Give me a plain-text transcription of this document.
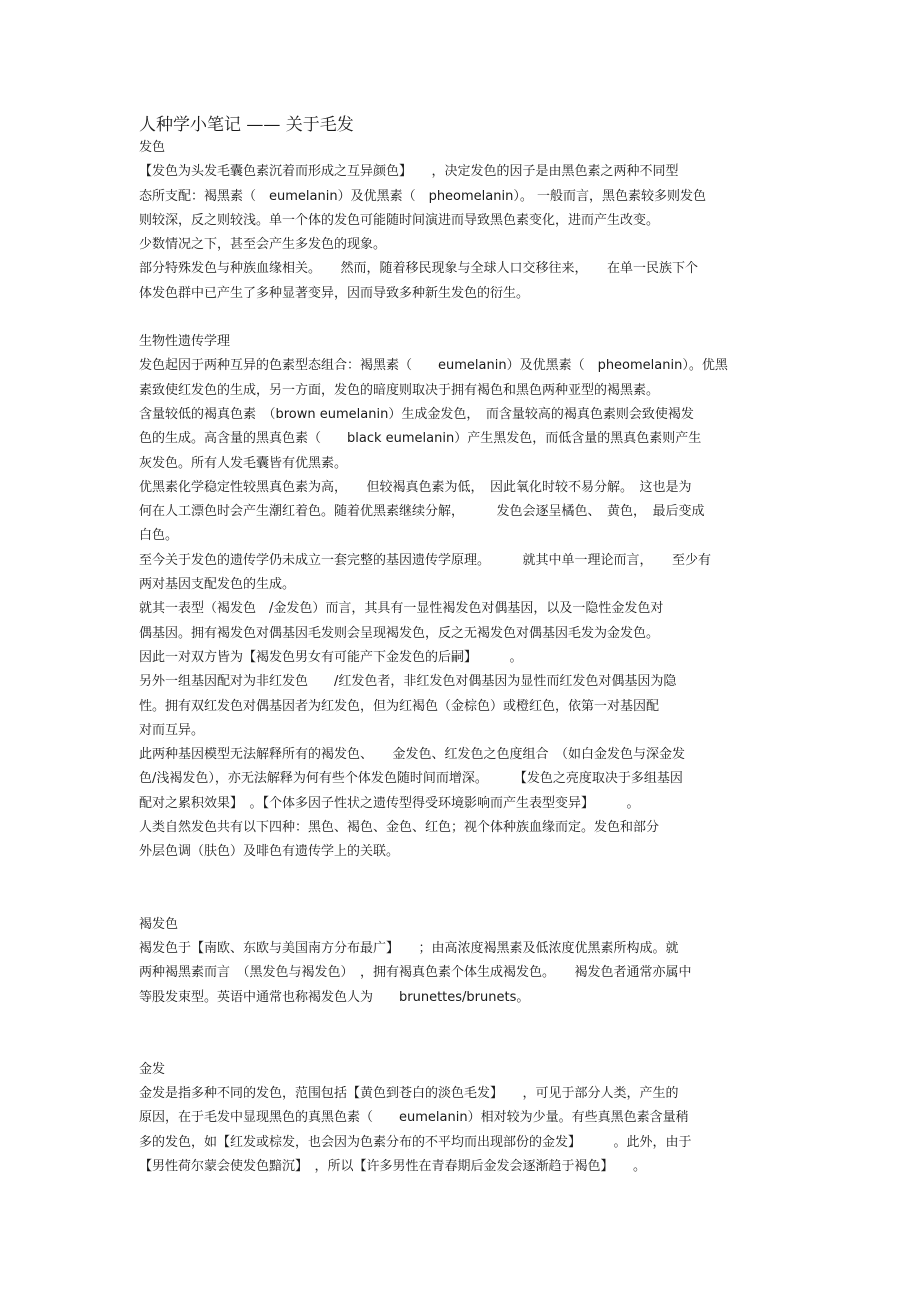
人种学小笔记 —— 关于毛发

发色

【发色为头发毛囊色素沉着而形成之互异颜色】　　，决定发色的因子是由黑色素之两种不同型

态所支配：褐黑素（　eumelanin）及优黑素（　pheomelanin）。 一般而言，黑色素较多则发色

则较深，反之则较浅。单一个体的发色可能随时间演进而导致黑色素变化，进而产生改变。

少数情况之下，甚至会产生多发色的现象。

部分特殊发色与种族血缘相关。　　然而，随着移民现象与全球人口交移往来，　　在单一民族下个

体发色群中已产生了多种显著变异，因而导致多种新生发色的衍生。

生物性遗传学理

发色起因于两种互异的色素型态组合：褐黑素（　　eumelanin）及优黑素（　pheomelanin）。优黑

素致使红发色的生成，另一方面，发色的暗度则取决于拥有褐色和黑色两种亚型的褐黑素。

含量较低的褐真色素　（brown eumelanin）生成金发色，　而含量较高的褐真色素则会致使褐发

色的生成。高含量的黑真色素（　　black eumelanin）产生黑发色，而低含量的黑真色素则产生

灰发色。所有人发毛囊皆有优黑素。

优黑素化学稳定性较黑真色素为高，　　但较褐真色素为低，　因此氧化时较不易分解。　这也是为

何在人工漂色时会产生潮红着色。随着优黑素继续分解，　　　发色会逐呈橘色、　黄色，　最后变成

白色。

至今关于发色的遗传学仍未成立一套完整的基因遗传学原理。　　　就其中单一理论而言，　　至少有

两对基因支配发色的生成。

就其一表型（褐发色　/金发色）而言，其具有一显性褐发色对偶基因，以及一隐性金发色对

偶基因。拥有褐发色对偶基因毛发则会呈现褐发色，反之无褐发色对偶基因毛发为金发色。

因此一对双方皆为【褐发色男女有可能产下金发色的后嗣】　　　。

另外一组基因配对为非红发色　　/红发色者，非红发色对偶基因为显性而红发色对偶基因为隐

性。拥有双红发色对偶基因者为红发色，但为红褐色（金棕色）或橙红色，依第一对基因配

对而互异。

此两种基因模型无法解释所有的褐发色、　　金发色、红发色之色度组合　（如白金发色与深金发

色/浅褐发色），亦无法解释为何有些个体发色随时间而增深。　　　【发色之亮度取决于多组基因

配对之累积效果】　。【个体多因子性状之遗传型得受环境影响而产生表型变异】　　　。

人类自然发色共有以下四种：黑色、褐色、金色、红色；视个体种族血缘而定。发色和部分

外层色调（肤色）及啡色有遗传学上的关联。

褐发色

褐发色于【南欧、东欧与美国南方分布最广】　　；由高浓度褐黑素及低浓度优黑素所构成。就

两种褐黑素而言　（黑发色与褐发色）　，拥有褐真色素个体生成褐发色。　　褐发色者通常亦属中

等股发束型。英语中通常也称褐发色人为　　brunettes/brunets。

金发

金发是指多种不同的发色，范围包括【黄色到苍白的淡色毛发】　　，可见于部分人类，产生的

原因，在于毛发中显现黑色的真黑色素（　　eumelanin）相对较为少量。有些真黑色素含量稍

多的发色，如【红发或棕发，也会因为色素分布的不平均而出现部份的金发】　　　。此外，由于

【男性荷尔蒙会使发色黯沉】　，所以【许多男性在青春期后金发会逐渐趋于褐色】　　。
